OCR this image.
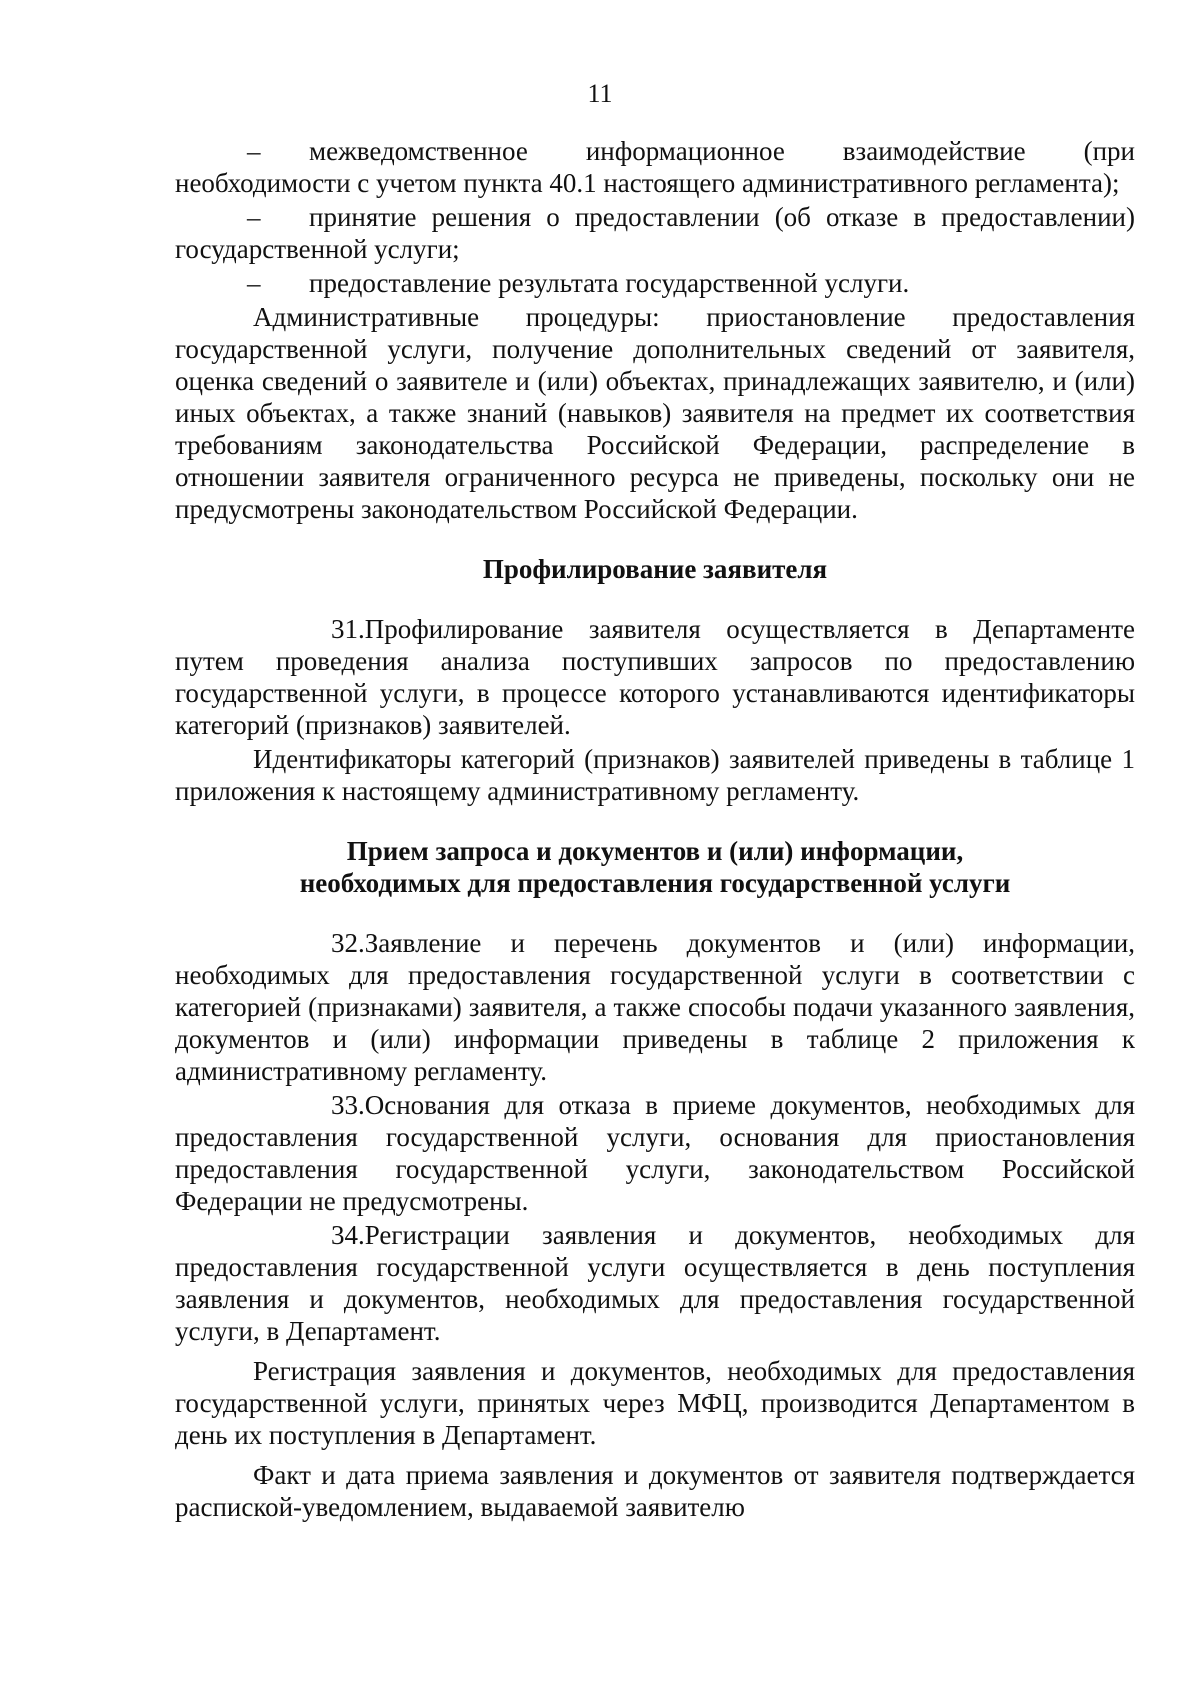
11

– межведомственное информационное взаимодействие (при необходимости с учетом пункта 40.1 настоящего административного регламента);

– принятие решения о предоставлении (об отказе в предоставлении) государственной услуги;

– предоставление результата государственной услуги.

Административные процедуры: приостановление предоставления государственной услуги, получение дополнительных сведений от заявителя, оценка сведений о заявителе и (или) объектах, принадлежащих заявителю, и (или) иных объектах, а также знаний (навыков) заявителя на предмет их соответствия требованиям законодательства Российской Федерации, распределение в отношении заявителя ограниченного ресурса не приведены, поскольку они не предусмотрены законодательством Российской Федерации.

Профилирование заявителя

31.Профилирование заявителя осуществляется в Департаменте путем проведения анализа поступивших запросов по предоставлению государственной услуги, в процессе которого устанавливаются идентификаторы категорий (признаков) заявителей.

Идентификаторы категорий (признаков) заявителей приведены в таблице 1 приложения к настоящему административному регламенту.

Прием запроса и документов и (или) информации,
необходимых для предоставления государственной услуги

32.Заявление и перечень документов и (или) информации, необходимых для предоставления государственной услуги в соответствии с категорией (признаками) заявителя, а также способы подачи указанного заявления, документов и (или) информации приведены в таблице 2 приложения к административному регламенту.

33.Основания для отказа в приеме документов, необходимых для предоставления государственной услуги, основания для приостановления предоставления государственной услуги, законодательством Российской Федерации не предусмотрены.

34.Регистрации заявления и документов, необходимых для предоставления государственной услуги осуществляется в день поступления заявления и документов, необходимых для предоставления государственной услуги, в Департамент.

Регистрация заявления и документов, необходимых для предоставления государственной услуги, принятых через МФЦ, производится Департаментом в день их поступления в Департамент.

Факт и дата приема заявления и документов от заявителя подтверждается распиской-уведомлением, выдаваемой заявителю
